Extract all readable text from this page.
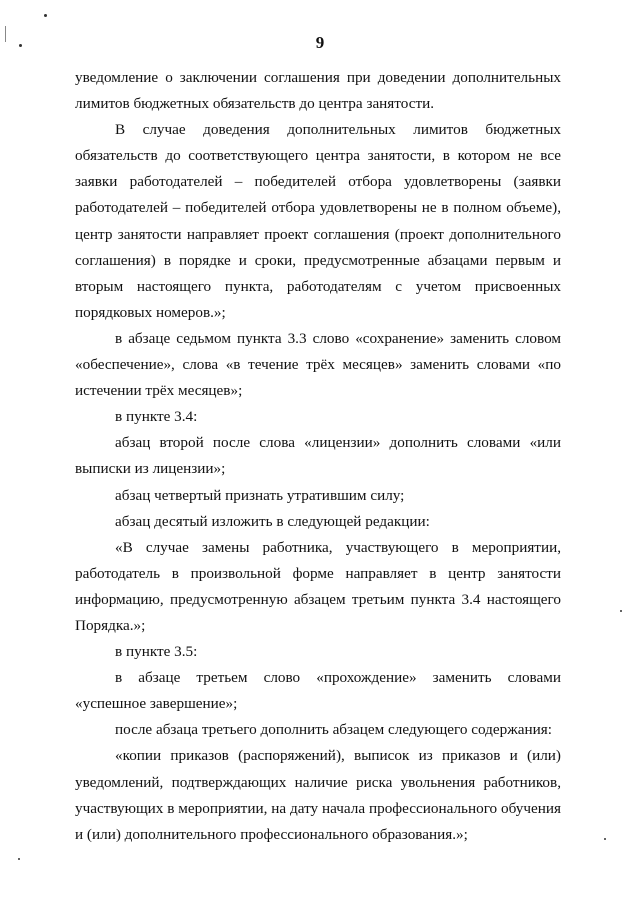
9

уведомление о заключении соглашения при доведении дополнительных лимитов бюджетных обязательств до центра занятости.

В случае доведения дополнительных лимитов бюджетных обязательств до соответствующего центра занятости, в котором не все заявки работодателей – победителей отбора удовлетворены (заявки работодателей – победителей отбора удовлетворены не в полном объеме), центр занятости направляет проект соглашения (проект дополнительного соглашения) в порядке и сроки, предусмотренные абзацами первым и вторым настоящего пункта, работодателям с учетом присвоенных порядковых номеров.»;

в абзаце седьмом пункта 3.3 слово «сохранение» заменить словом «обеспечение», слова «в течение трёх месяцев» заменить словами «по истечении трёх месяцев»;

в пункте 3.4:

абзац второй после слова «лицензии» дополнить словами «или выписки из лицензии»;

абзац четвертый признать утратившим силу;

абзац десятый изложить в следующей редакции:

«В случае замены работника, участвующего в мероприятии, работодатель в произвольной форме направляет в центр занятости информацию, предусмотренную абзацем третьим пункта 3.4 настоящего Порядка.»;

в пункте 3.5:

в абзаце третьем слово «прохождение» заменить словами «успешное завершение»;

после абзаца третьего дополнить абзацем следующего содержания:

«копии приказов (распоряжений), выписок из приказов и (или) уведомлений, подтверждающих наличие риска увольнения работников, участвующих в мероприятии, на дату начала профессионального обучения и (или) дополнительного профессионального образования.»;
